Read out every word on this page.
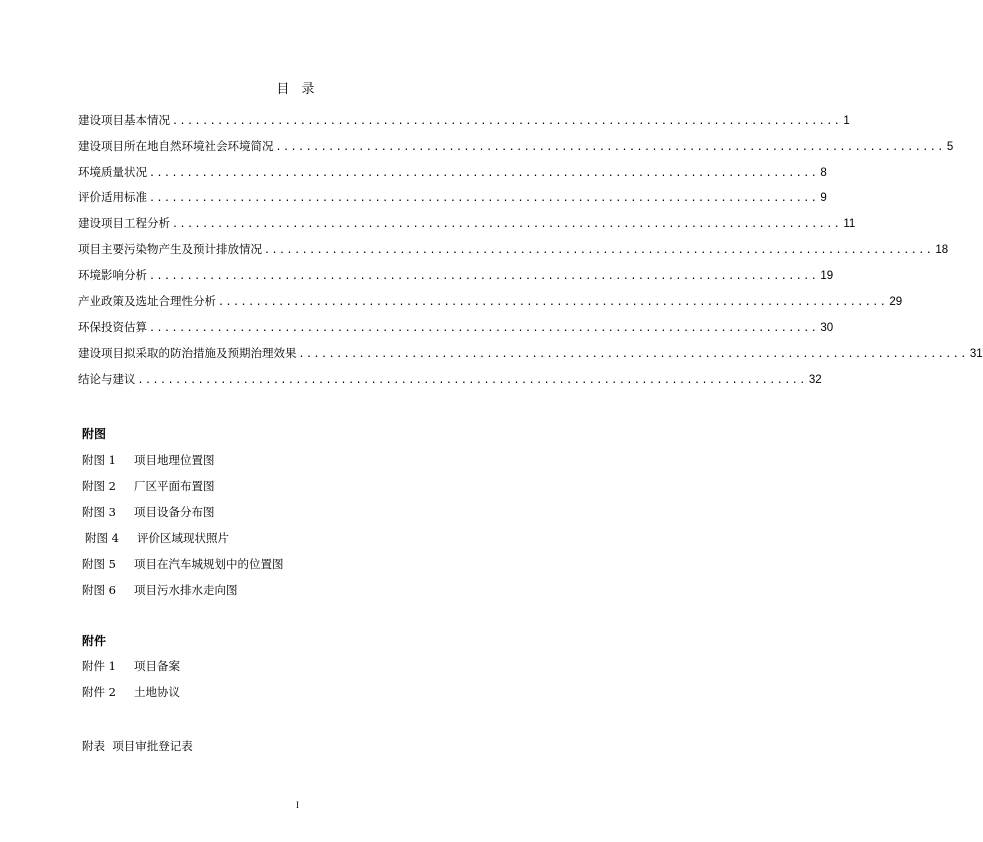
目 录
建设项目基本情况 ......................................................................................... 1
建设项目所在地自然环境社会环境简况 ......................................................................................... 5
环境质量状况 ......................................................................................... 8
评价适用标准 ......................................................................................... 9
建设项目工程分析 ......................................................................................... 11
项目主要污染物产生及预计排放情况 ......................................................................................... 18
环境影响分析 ......................................................................................... 19
产业政策及选址合理性分析 ......................................................................................... 29
环保投资估算 ......................................................................................... 30
建设项目拟采取的防治措施及预期治理效果 ......................................................................................... 31
结论与建议 ......................................................................................... 32
附图
附图 1 项目地理位置图
附图 2 厂区平面布置图
附图 3 项目设备分布图
附图 4 评价区域现状照片
附图 5 项目在汽车城规划中的位置图
附图 6 项目污水排水走向图
附件
附件 1 项目备案
附件 2 土地协议
附表 项目审批登记表
I
